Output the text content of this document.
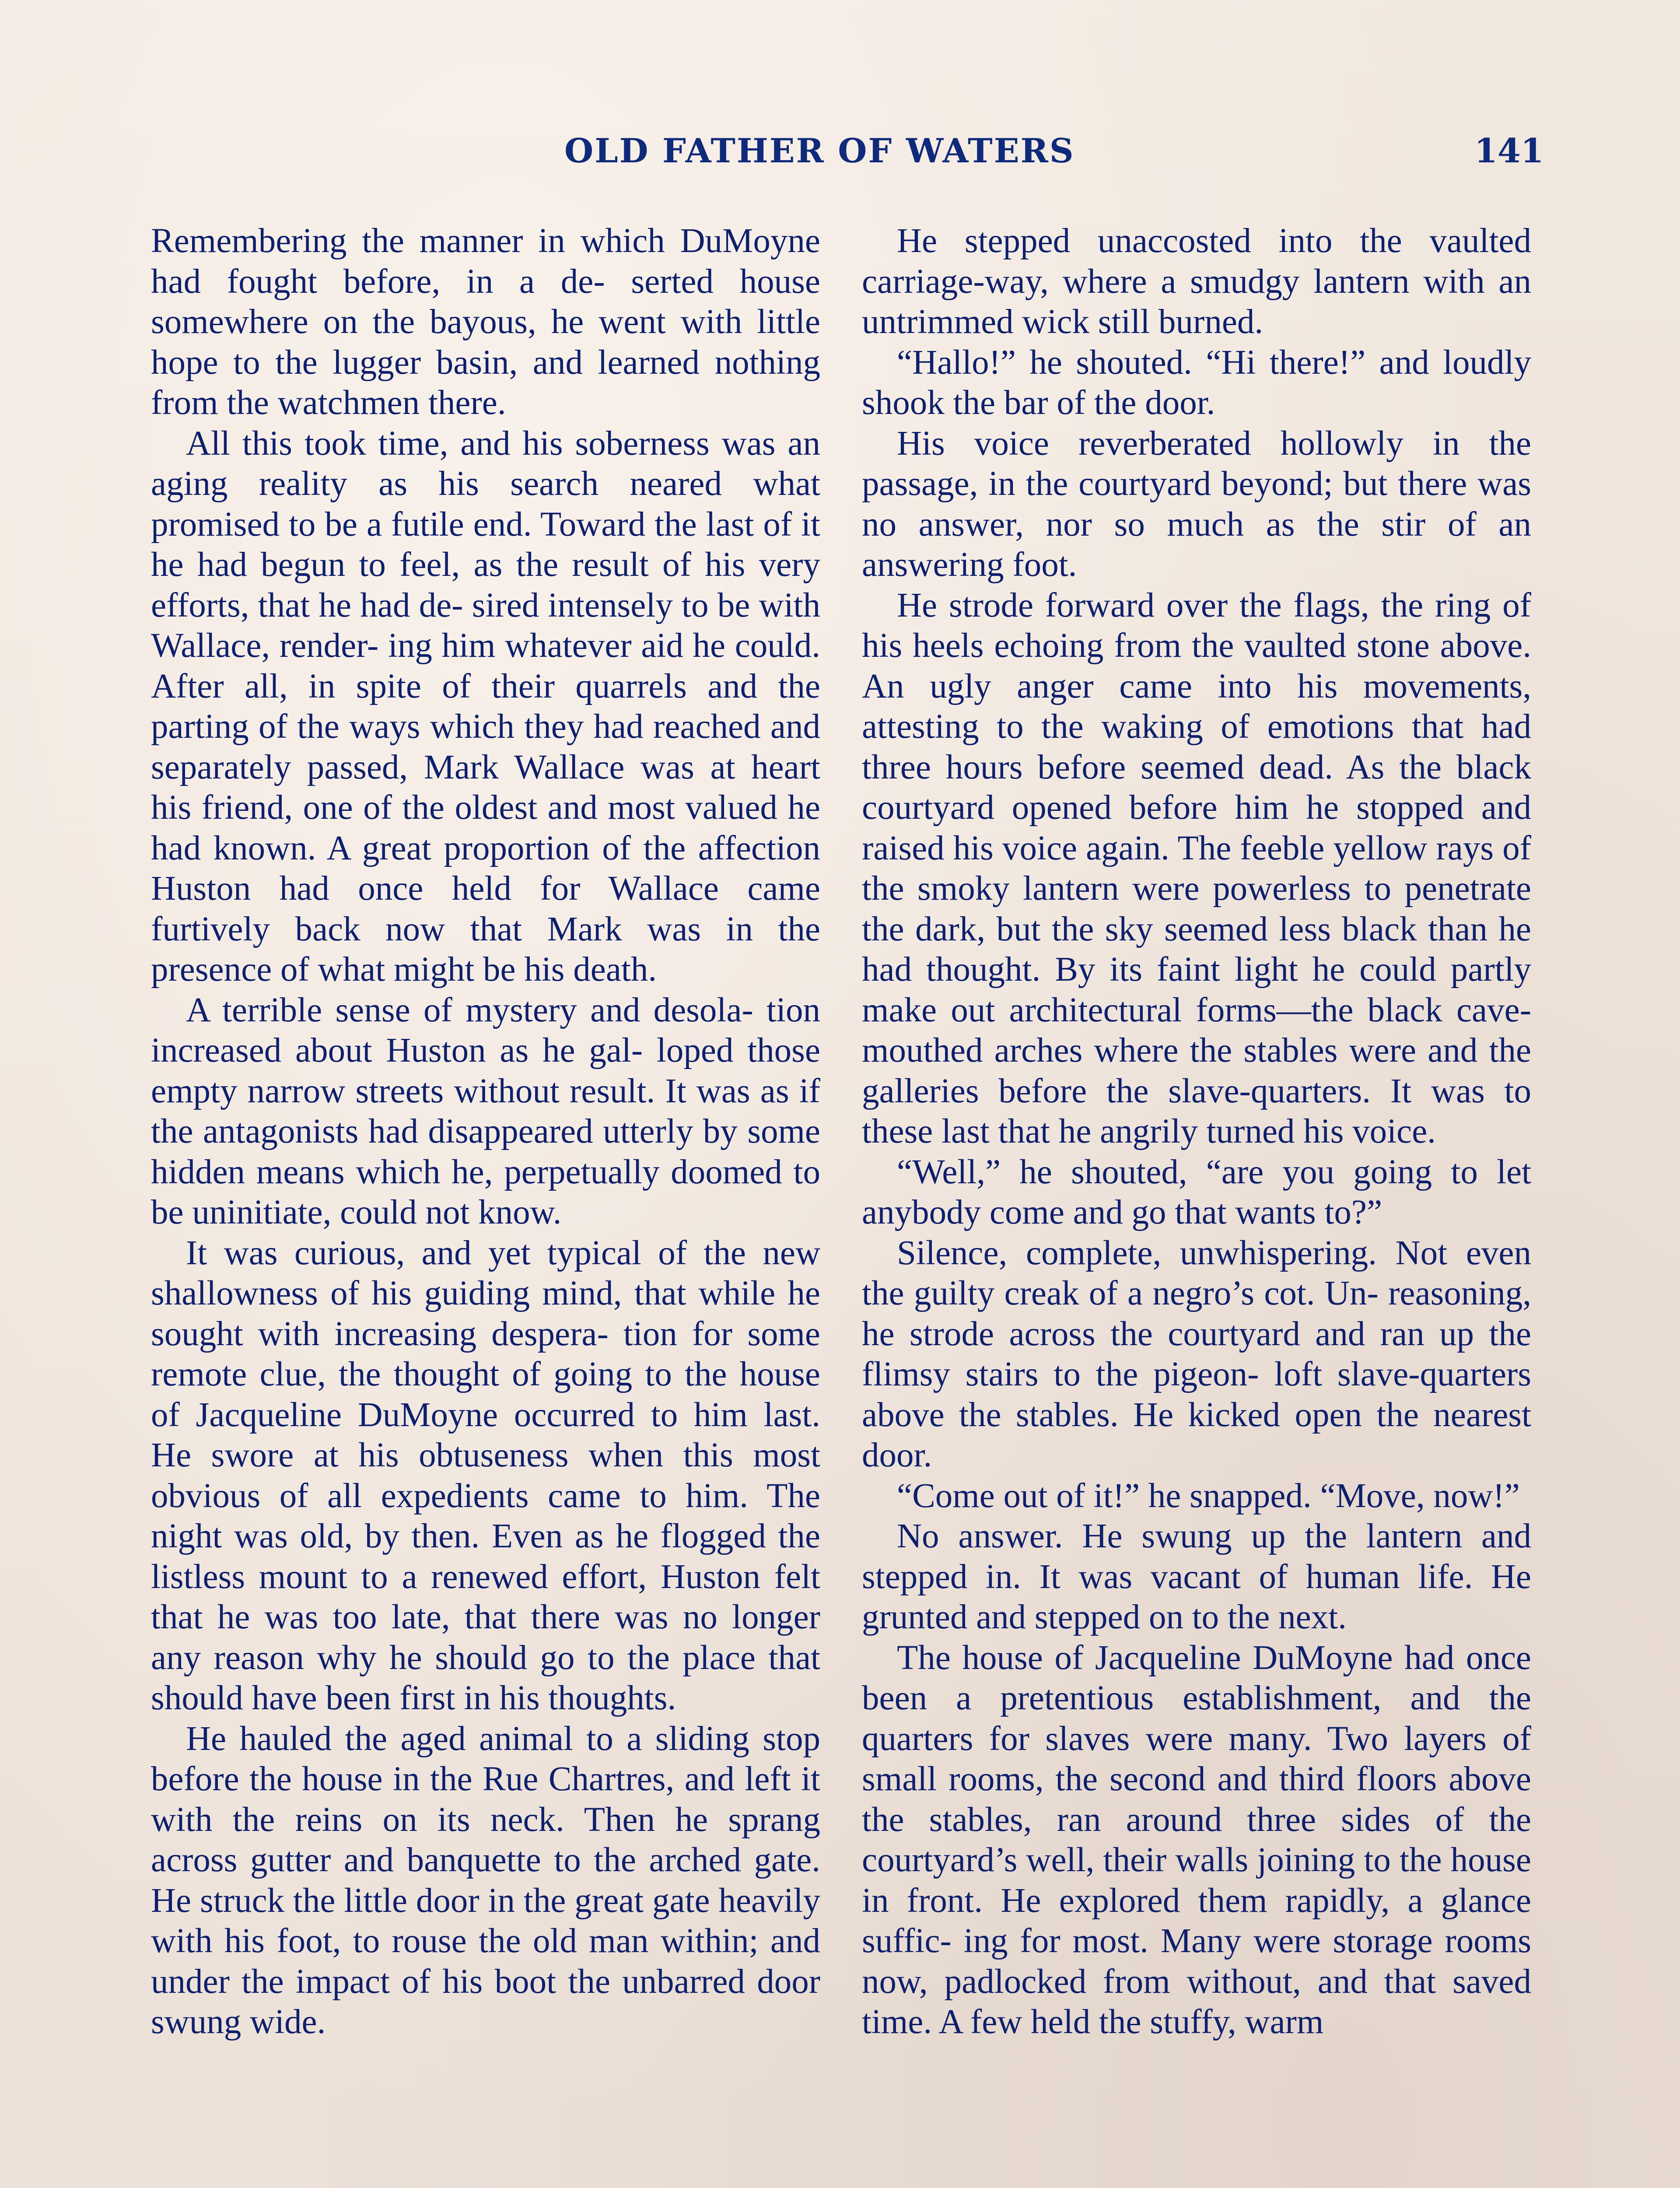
OLD FATHER OF WATERS	141

Remembering the manner in which DuMoyne had fought before, in a de- serted house somewhere on the bayous, he went with little hope to the lugger basin, and learned nothing from the watchmen there.

All this took time, and his soberness was an aging reality as his search neared what promised to be a futile end. Toward the last of it he had begun to feel, as the result of his very efforts, that he had de- sired intensely to be with Wallace, render- ing him whatever aid he could. After all, in spite of their quarrels and the parting of the ways which they had reached and separately passed, Mark Wallace was at heart his friend, one of the oldest and most valued he had known. A great proportion of the affection Huston had once held for Wallace came furtively back now that Mark was in the presence of what might be his death.

A terrible sense of mystery and desola- tion increased about Huston as he gal- loped those empty narrow streets without result. It was as if the antagonists had disappeared utterly by some hidden means which he, perpetually doomed to be uninitiate, could not know.

It was curious, and yet typical of the new shallowness of his guiding mind, that while he sought with increasing despera- tion for some remote clue, the thought of going to the house of Jacqueline DuMoyne occurred to him last. He swore at his obtuseness when this most obvious of all expedients came to him. The night was old, by then. Even as he flogged the listless mount to a renewed effort, Huston felt that he was too late, that there was no longer any reason why he should go to the place that should have been first in his thoughts.

He hauled the aged animal to a sliding stop before the house in the Rue Chartres, and left it with the reins on its neck. Then he sprang across gutter and banquette to the arched gate. He struck the little door in the great gate heavily with his foot, to rouse the old man within; and under the impact of his boot the unbarred door swung wide.

He stepped unaccosted into the vaulted carriage-way, where a smudgy lantern with an untrimmed wick still burned.

“Hallo!” he shouted. “Hi there!” and loudly shook the bar of the door.

His voice reverberated hollowly in the passage, in the courtyard beyond; but there was no answer, nor so much as the stir of an answering foot.

He strode forward over the flags, the ring of his heels echoing from the vaulted stone above. An ugly anger came into his movements, attesting to the waking of emotions that had three hours before seemed dead. As the black courtyard opened before him he stopped and raised his voice again. The feeble yellow rays of the smoky lantern were powerless to penetrate the dark, but the sky seemed less black than he had thought. By its faint light he could partly make out architectural forms—the black cave- mouthed arches where the stables were and the galleries before the slave-quarters. It was to these last that he angrily turned his voice.

“Well,” he shouted, “are you going to let anybody come and go that wants to?”

Silence, complete, unwhispering. Not even the guilty creak of a negro’s cot. Un- reasoning, he strode across the courtyard and ran up the flimsy stairs to the pigeon- loft slave-quarters above the stables. He kicked open the nearest door.

“Come out of it!” he snapped. “Move, now!”

No answer. He swung up the lantern and stepped in. It was vacant of human life. He grunted and stepped on to the next.

The house of Jacqueline DuMoyne had once been a pretentious establishment, and the quarters for slaves were many. Two layers of small rooms, the second and third floors above the stables, ran around three sides of the courtyard’s well, their walls joining to the house in front. He explored them rapidly, a glance suffic- ing for most. Many were storage rooms now, padlocked from without, and that saved time. A few held the stuffy, warm
